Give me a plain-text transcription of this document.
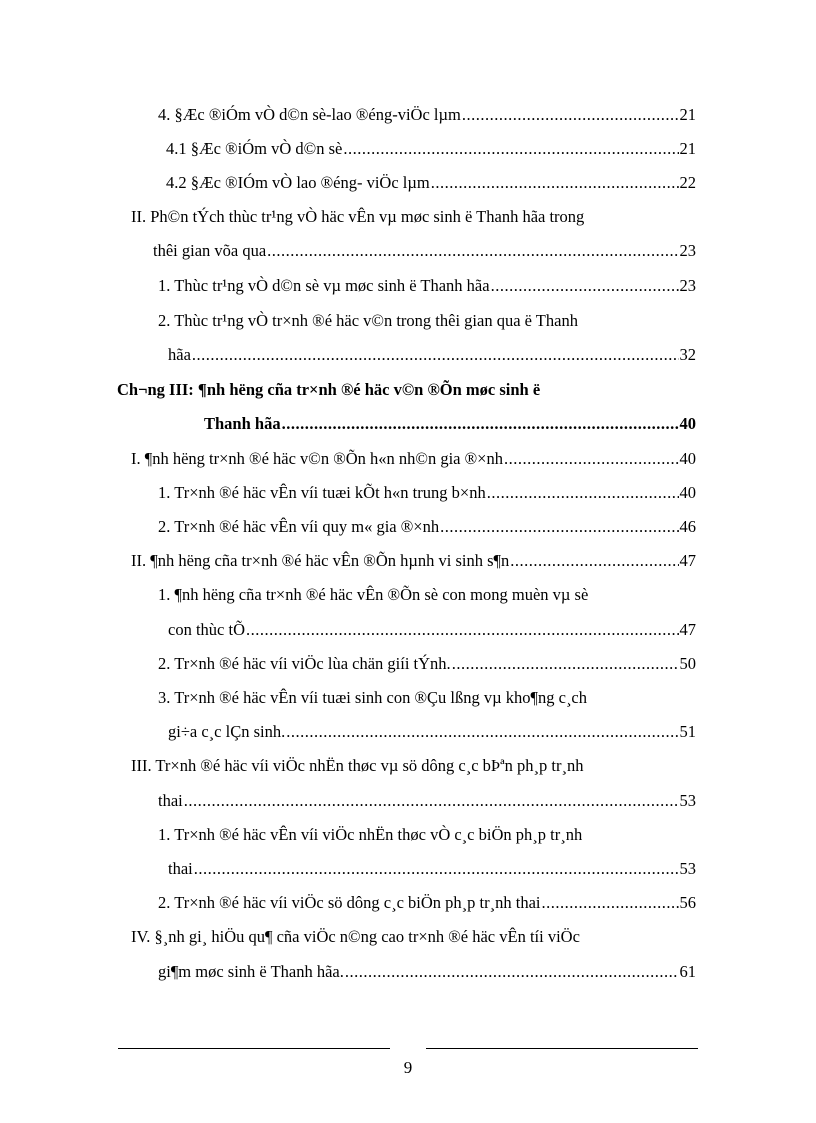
4. §Æc ®iÓm vÒ d©n sè-lao ®éng-viÖc lµm .....	21
4.1 §Æc ®iÓm vÒ d©n sè .....	21
4.2 §Æc ®IÓm vÒ lao ®éng- viÖc lµm .....	22
II. Ph©n tÝch thùc tr¹ng vÒ häc vÊn vµ møc sinh ë Thanh hãa trong
thêi gian võa qua .....	23
1. Thùc tr¹ng vÒ d©n sè vµ møc sinh ë Thanh hãa .....	23
2. Thùc tr¹ng vÒ tr×nh ®é häc v©n trong thêi gian qua ë Thanh
hãa .....	32
Ch¬ng III: ¶nh hëng cña tr×nh ®é häc v©n ®Õn møc sinh ë
Thanh hãa .....	40
I. ¶nh hëng tr×nh ®é häc v©n ®Õn h«n nh©n gia ®×nh .....	40
1. Tr×nh ®é häc vÊn víi tuæi kÕt h«n trung b×nh .....	40
2. Tr×nh ®é häc vÊn víi quy m« gia ®×nh .....	46
II. ¶nh hëng cña tr×nh ®é häc vÊn ®Õn hµnh vi sinh s¶n .....	47
1. ¶nh hëng cña tr×nh ®é häc vÊn ®Õn sè con mong muèn vµ sè
con thùc tÕ .....	47
2. Tr×nh ®é häc víi viÖc lùa chän giíi tÝnh. .....	50
3. Tr×nh ®é häc vÊn víi tuæi sinh con ®Çu lßng vµ kho¶ng c¸ch
gi÷a c¸c lÇn sinh. .....	51
III. Tr×nh ®é häc víi viÖc nhËn thøc vµ sö dông c¸c bÞªn ph¸p tr¸nh
thai .....	53
1. Tr×nh ®é häc vÊn víi viÖc nhËn thøc vÒ c¸c biÖn ph¸p tr¸nh
thai .....	53
2. Tr×nh ®é häc víi viÖc sö dông c¸c biÖn ph¸p tr¸nh thai .....	56
IV. §¸nh gi¸ hiÖu qu¶ cña viÖc n©ng cao tr×nh ®é häc vÊn tíi viÖc
gi¶m møc sinh ë Thanh hãa. .....	61
9
